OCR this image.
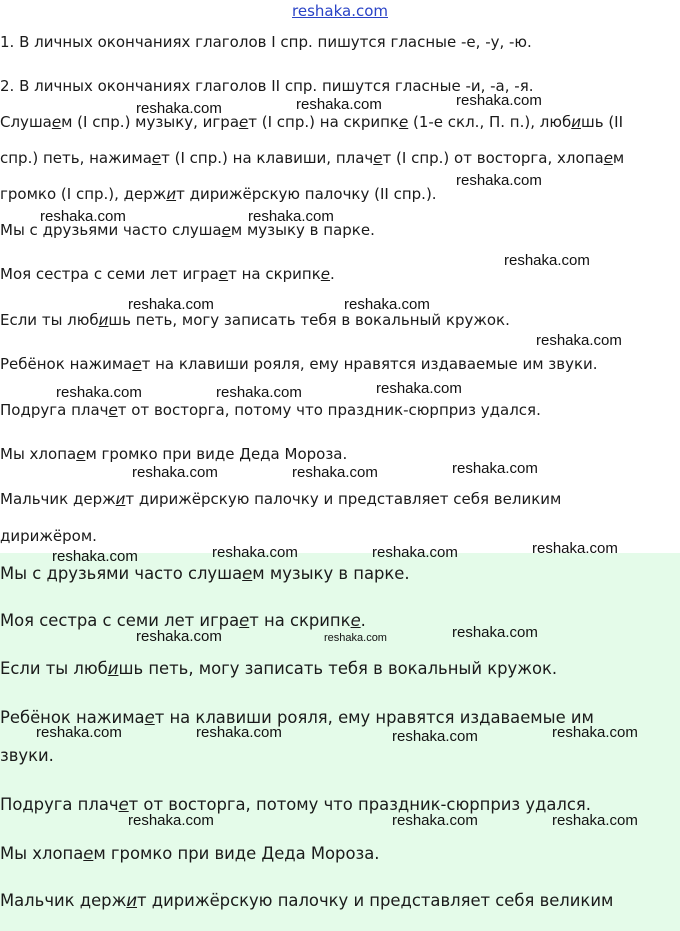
reshaka.com
1. В личных окончаниях глаголов I спр. пишутся гласные -е, -у, -ю.
2. В личных окончаниях глаголов II спр. пишутся гласные -и, -а, -я.
Слушаем (I спр.) музыку, играет (I спр.) на скрипке (1-е скл., П. п.), любишь (II
спр.) петь, нажимает (I спр.) на клавиши, плачет (I спр.) от восторга, хлопаем
громко (I спр.), держит дирижёрскую палочку (II спр.).
Мы с друзьями часто слушаем музыку в парке.
Моя сестра с семи лет играет на скрипке.
Если ты любишь петь, могу записать тебя в вокальный кружок.
Ребёнок нажимает на клавиши рояля, ему нравятся издаваемые им звуки.
Подруга плачет от восторга, потому что праздник-сюрприз удался.
Мы хлопаем громко при виде Деда Мороза.
Мальчик держит дирижёрскую палочку и представляет себя великим
дирижёром.
Мы с друзьями часто слушаем музыку в парке.
Моя сестра с семи лет играет на скрипке.
Если ты любишь петь, могу записать тебя в вокальный кружок.
Ребёнок нажимает на клавиши рояля, ему нравятся издаваемые им
звуки.
Подруга плачет от восторга, потому что праздник-сюрприз удался.
Мы хлопаем громко при виде Деда Мороза.
Мальчик держит дирижёрскую палочку и представляет себя великим
reshaka.com	reshaka.com	reshaka.com
reshaka.com
reshaka.com	reshaka.com
reshaka.com
reshaka.com	reshaka.com
reshaka.com
reshaka.com	reshaka.com	reshaka.com
reshaka.com	reshaka.com	reshaka.com
reshaka.com	reshaka.com	reshaka.com	reshaka.com
reshaka.com	reshaka.com	reshaka.com
reshaka.com	reshaka.com	reshaka.com	reshaka.com
reshaka.com	reshaka.com	reshaka.com
